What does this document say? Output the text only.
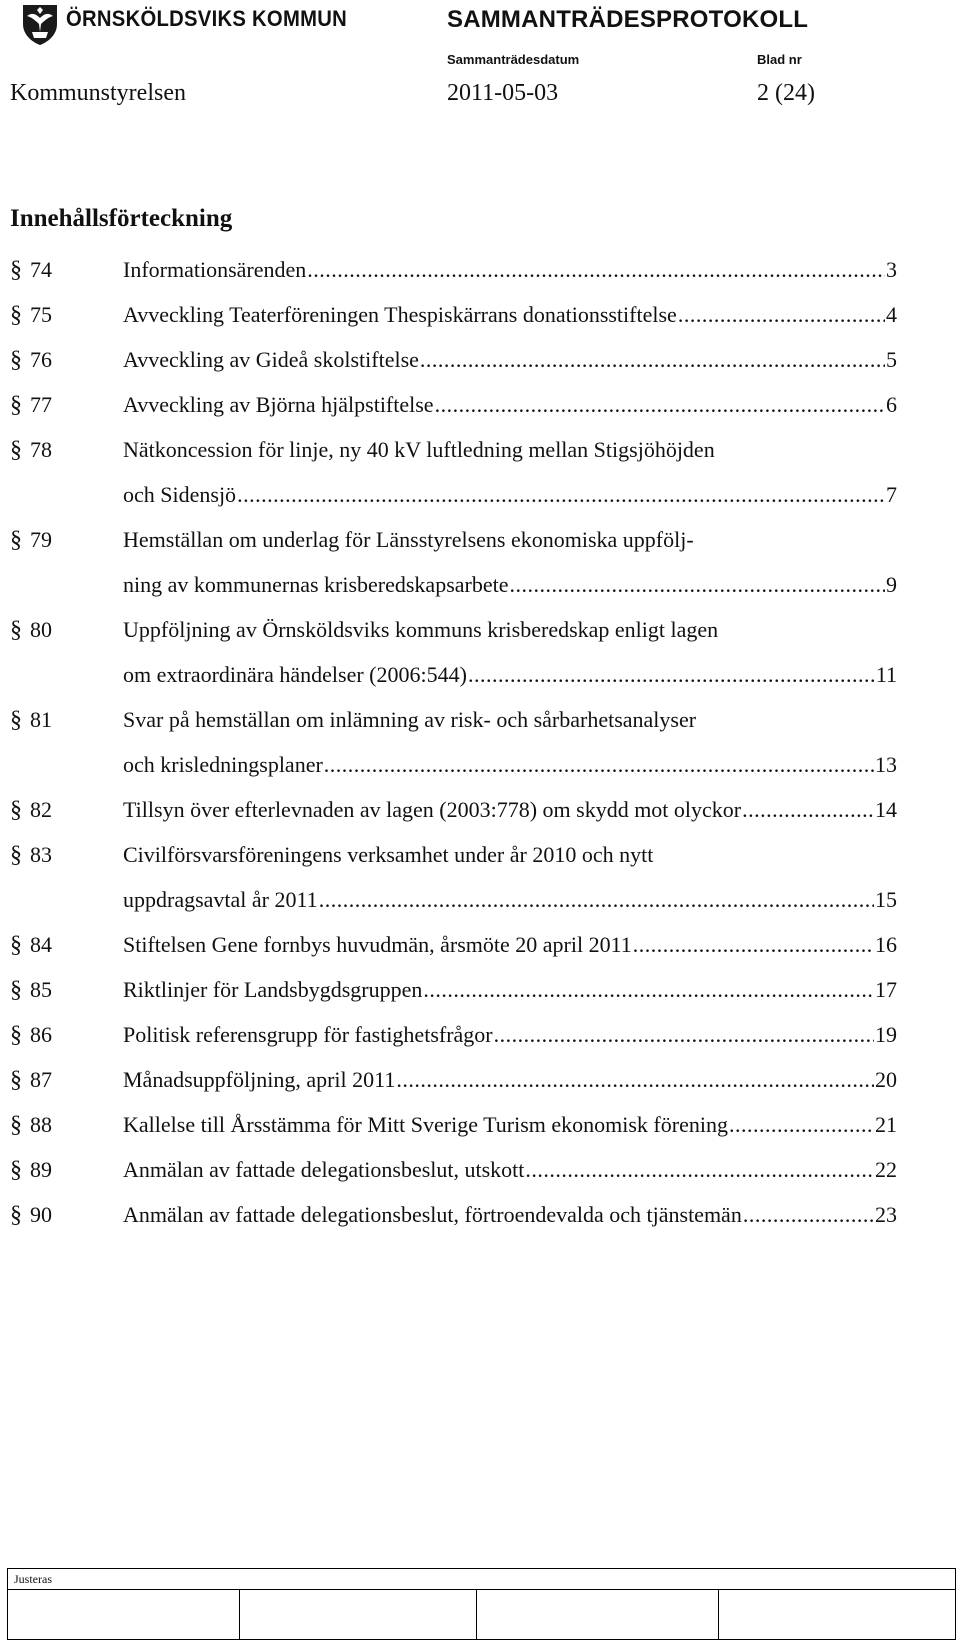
ÖRNSKÖLDSVIKS KOMMUN	SAMMANTRÄDESPROTOKOLL
Sammanträdesdatum	Blad nr
Kommunstyrelsen	2011-05-03	2 (24)
Innehållsförteckning
§ 74	Informationsärenden .....	3
§ 75	Avveckling Teaterföreningen Thespiskärrans donationsstiftelse .....	4
§ 76	Avveckling av Gideå skolstiftelse .....	5
§ 77	Avveckling av Björna hjälpstiftelse .....	6
§ 78	Nätkoncession för linje, ny 40 kV luftledning mellan Stigsjöhöjden
och Sidensjö .....	7
§ 79	Hemställan om underlag för Länsstyrelsens ekonomiska uppfölj-
ning av kommunernas krisberedskapsarbete .....	9
§ 80	Uppföljning av Örnsköldsviks kommuns krisberedskap enligt lagen
om extraordinära händelser (2006:544) .....	11
§ 81	Svar på hemställan om inlämning av risk- och sårbarhetsanalyser
och krisledningsplaner .....	13
§ 82	Tillsyn över efterlevnaden av lagen (2003:778) om skydd mot olyckor .....	14
§ 83	Civilförsvarsföreningens verksamhet under år 2010 och nytt
uppdragsavtal år 2011 .....	15
§ 84	Stiftelsen Gene fornbys huvudmän, årsmöte 20 april 2011 .....	16
§ 85	Riktlinjer för Landsbygdsgruppen .....	17
§ 86	Politisk referensgrupp för fastighetsfrågor .....	19
§ 87	Månadsuppföljning, april 2011 .....	20
§ 88	Kallelse till Årsstämma för Mitt Sverige Turism ekonomisk förening .....	21
§ 89	Anmälan av fattade delegationsbeslut, utskott .....	22
§ 90	Anmälan av fattade delegationsbeslut, förtroendevalda och tjänstemän .....	23
Justeras
